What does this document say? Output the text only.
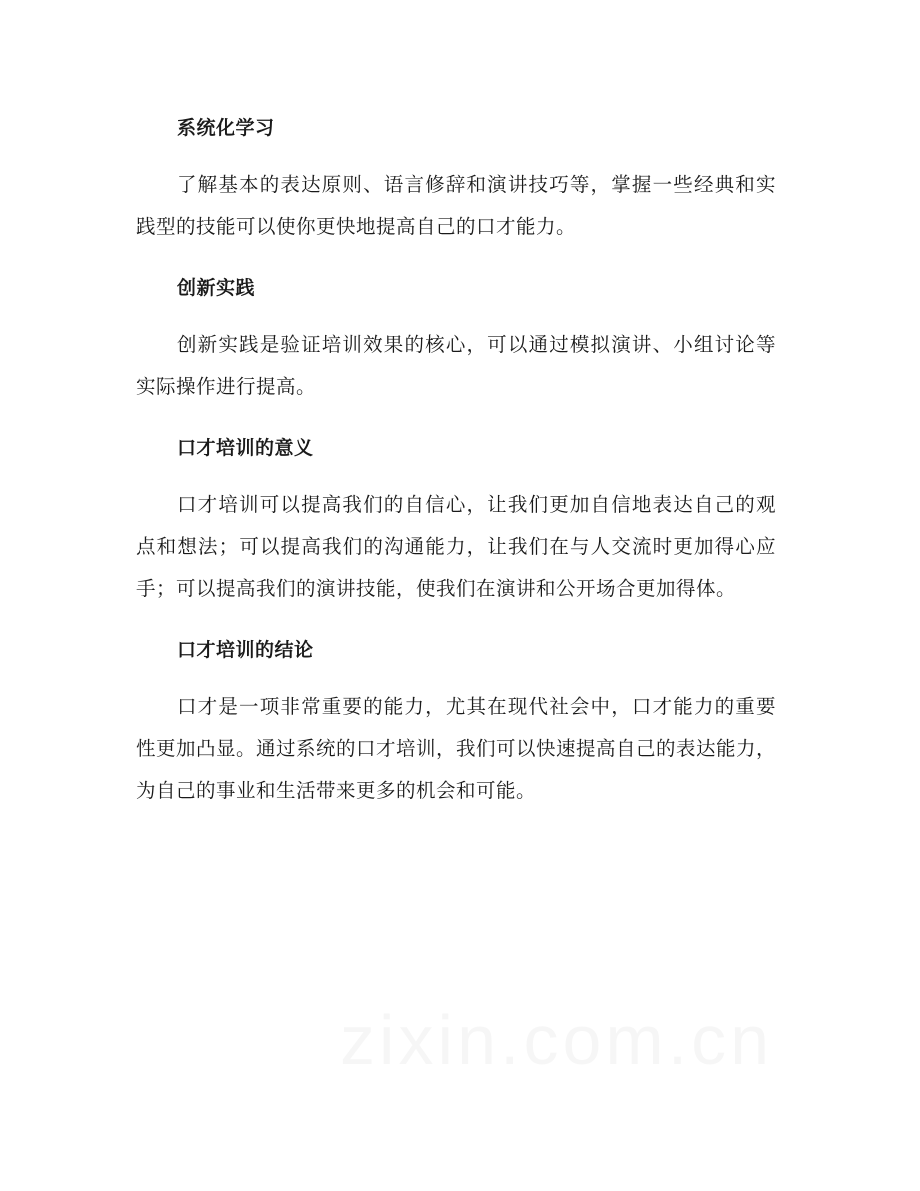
系统化学习

了解基本的表达原则、语言修辞和演讲技巧等，掌握一些经典和实践型的技能可以使你更快地提高自己的口才能力。

创新实践

创新实践是验证培训效果的核心，可以通过模拟演讲、小组讨论等实际操作进行提高。

口才培训的意义

口才培训可以提高我们的自信心，让我们更加自信地表达自己的观点和想法；可以提高我们的沟通能力，让我们在与人交流时更加得心应手；可以提高我们的演讲技能，使我们在演讲和公开场合更加得体。

口才培训的结论

口才是一项非常重要的能力，尤其在现代社会中，口才能力的重要性更加凸显。通过系统的口才培训，我们可以快速提高自己的表达能力，为自己的事业和生活带来更多的机会和可能。
